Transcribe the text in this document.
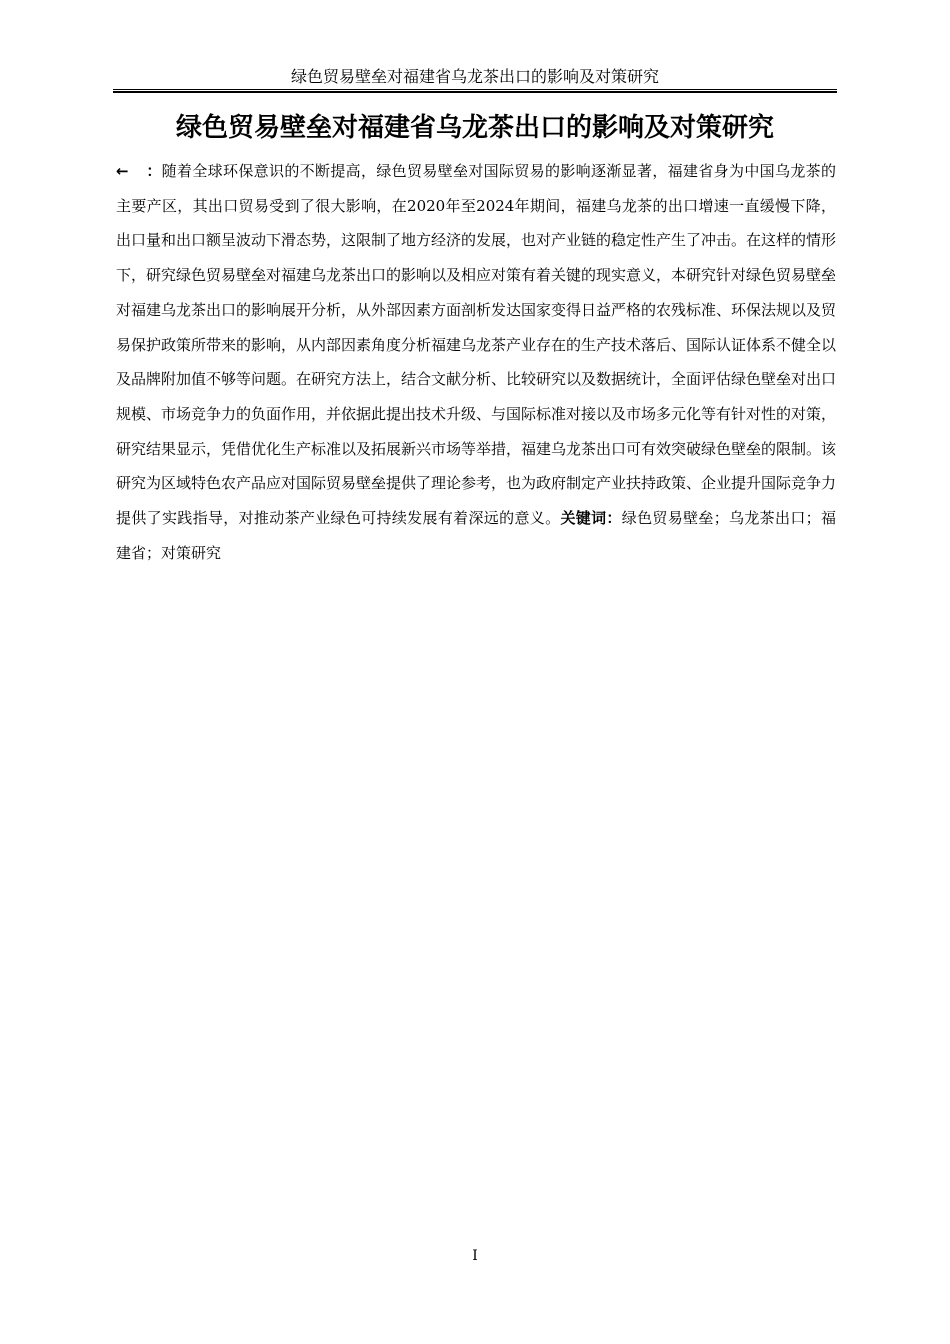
绿色贸易壁垒对福建省乌龙茶出口的影响及对策研究
绿色贸易壁垒对福建省乌龙茶出口的影响及对策研究
← ：随着全球环保意识的不断提高，绿色贸易壁垒对国际贸易的影响逐渐显著，福建省身为中国乌龙茶的主要产区，其出口贸易受到了很大影响，在2020年至2024年期间，福建乌龙茶的出口增速一直缓慢下降，出口量和出口额呈波动下滑态势，这限制了地方经济的发展，也对产业链的稳定性产生了冲击。在这样的情形下，研究绿色贸易壁垒对福建乌龙茶出口的影响以及相应对策有着关键的现实意义，本研究针对绿色贸易壁垒对福建乌龙茶出口的影响展开分析，从外部因素方面剖析发达国家变得日益严格的农残标准、环保法规以及贸易保护政策所带来的影响，从内部因素角度分析福建乌龙茶产业存在的生产技术落后、国际认证体系不健全以及品牌附加值不够等问题。在研究方法上，结合文献分析、比较研究以及数据统计，全面评估绿色壁垒对出口规模、市场竞争力的负面作用，并依据此提出技术升级、与国际标准对接以及市场多元化等有针对性的对策，研究结果显示，凭借优化生产标准以及拓展新兴市场等举措，福建乌龙茶出口可有效突破绿色壁垒的限制。该研究为区域特色农产品应对国际贸易壁垒提供了理论参考，也为政府制定产业扶持政策、企业提升国际竞争力提供了实践指导，对推动茶产业绿色可持续发展有着深远的意义。关键词：绿色贸易壁垒；乌龙茶出口；福建省；对策研究
I
